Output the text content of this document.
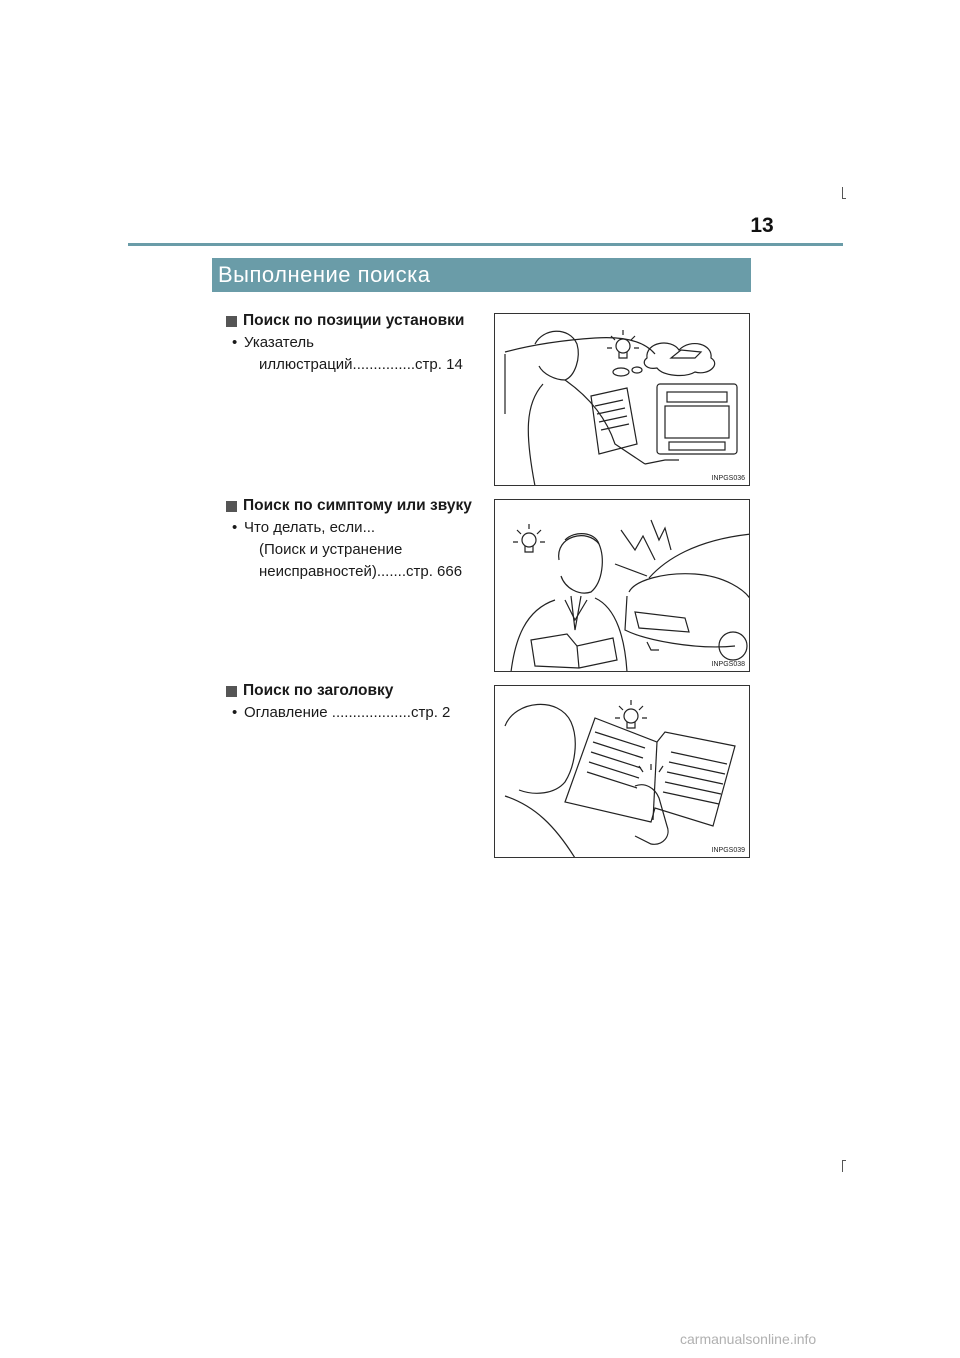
13
Выполнение поиска
Поиск по позиции установки
• Указатель
иллюстраций...............стр. 14
INPGS036
Поиск по симптому или звуку
• Что делать, если...
(Поиск и устранение
неисправностей).......стр. 666
INPGS038
Поиск по заголовку
• Оглавление ...................стр. 2
INPGS039
carmanualsonline.info
